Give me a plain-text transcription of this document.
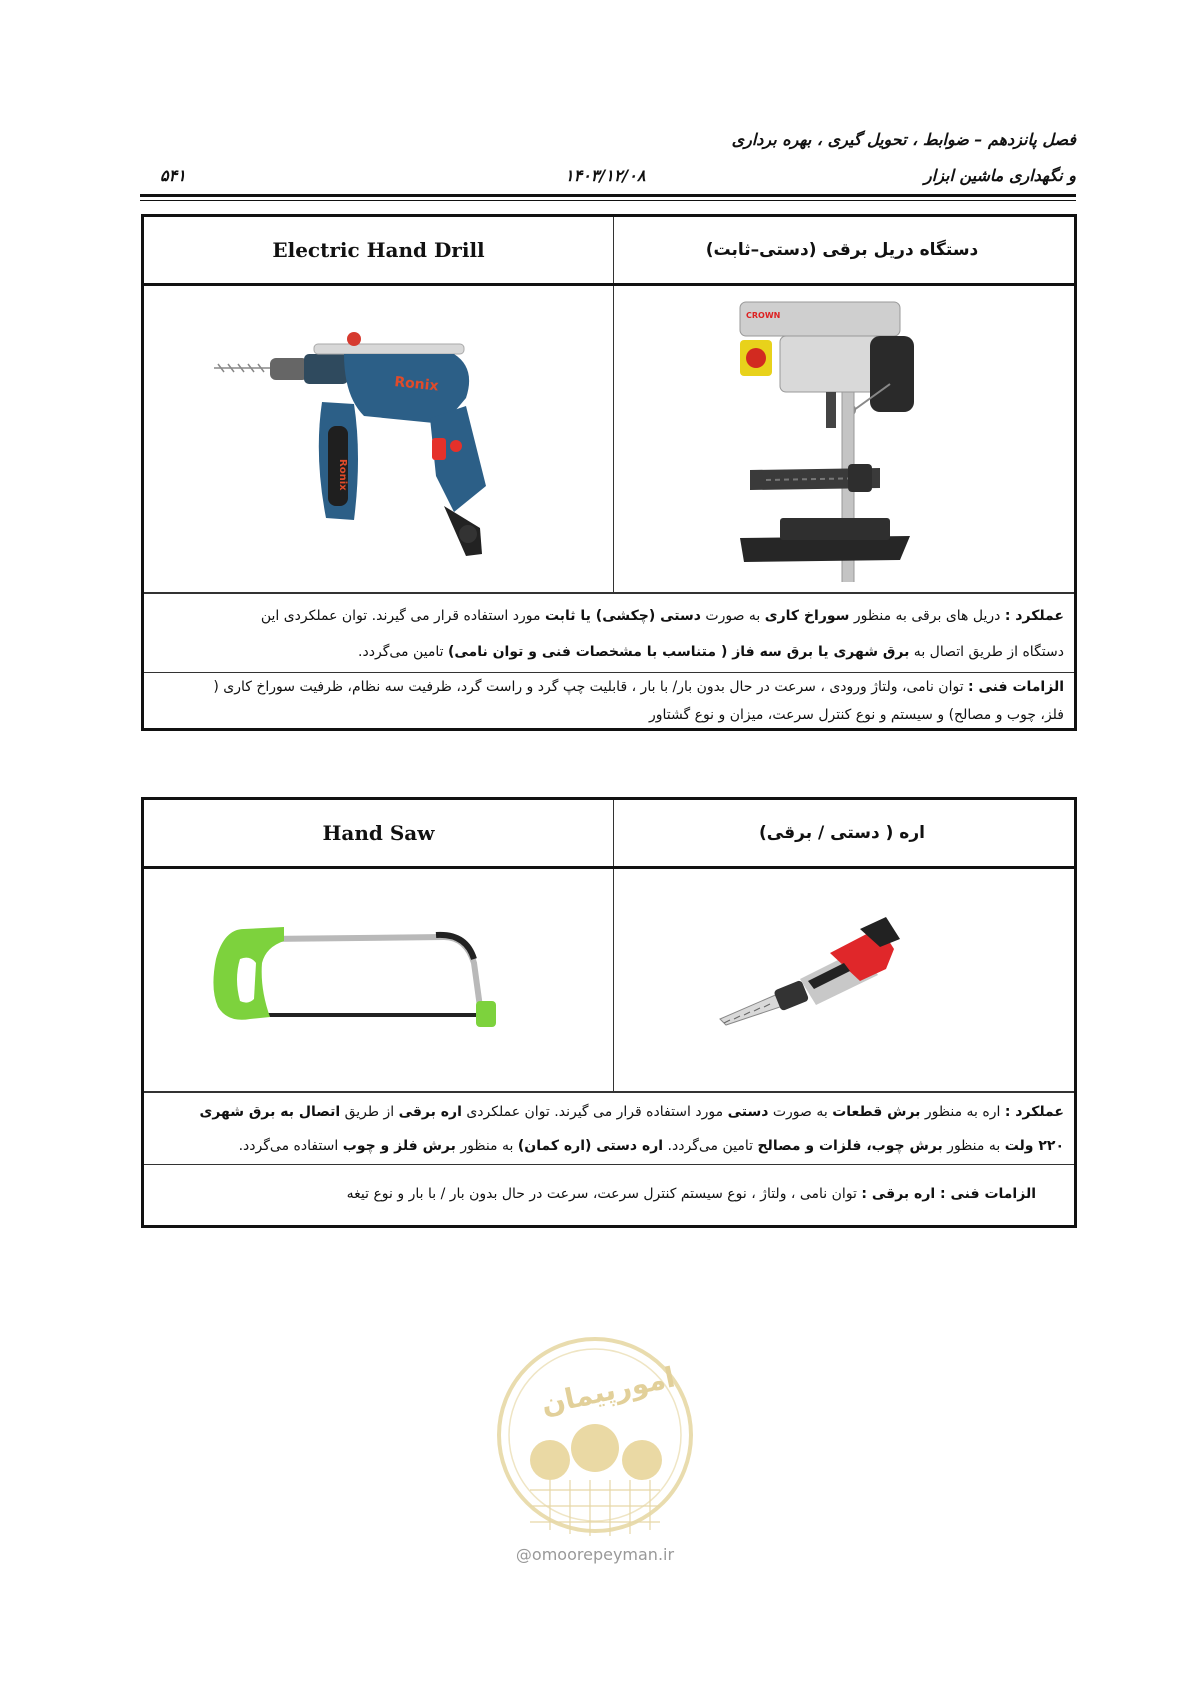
فصل پانزدهم – ضوابط ، تحویل گیری ، بهره برداری
و نگهداری ماشین ابزار
۱۴۰۳/۱۲/۰۸
۵۴۱
Electric Hand Drill	دستگاه دریل برقی (دستی–ثابت)
Ronix
Ronix
CROWN
عملکرد : دریل های برقی به منظور سوراخ کاری به صورت دستی (چکشی) یا ثابت مورد استفاده قرار می گیرند. توان عملکردی این
دستگاه از طریق اتصال به برق شهری یا برق سه فاز ( متناسب با مشخصات فنی و توان نامی) تامین می‌گردد.
الزامات فنی : توان نامی، ولتاژ ورودی ، سرعت در حال بدون بار/ با بار ، قابلیت چپ گرد و راست گرد، ظرفیت سه نظام، ظرفیت سوراخ کاری (
فلز، چوب و مصالح) و سیستم و نوع کنترل سرعت، میزان و نوع گشتاور
Hand Saw	اره ( دستی / برقی)
عملکرد : اره به منظور برش قطعات به صورت دستی مورد استفاده قرار می گیرند. توان عملکردی اره برقی از طریق اتصال به برق شهری
۲۲۰ ولت به منظور برش چوب، فلزات و مصالح تامین می‌گردد. اره دستی (اره کمان) به منظور برش فلز و چوب استفاده می‌گردد.
الزامات فنی : اره برقی : توان نامی ، ولتاژ ، نوع سیستم کنترل سرعت، سرعت در حال بدون بار / با بار و نوع تیغه
امورپیمان
@omoorepeyman.ir
